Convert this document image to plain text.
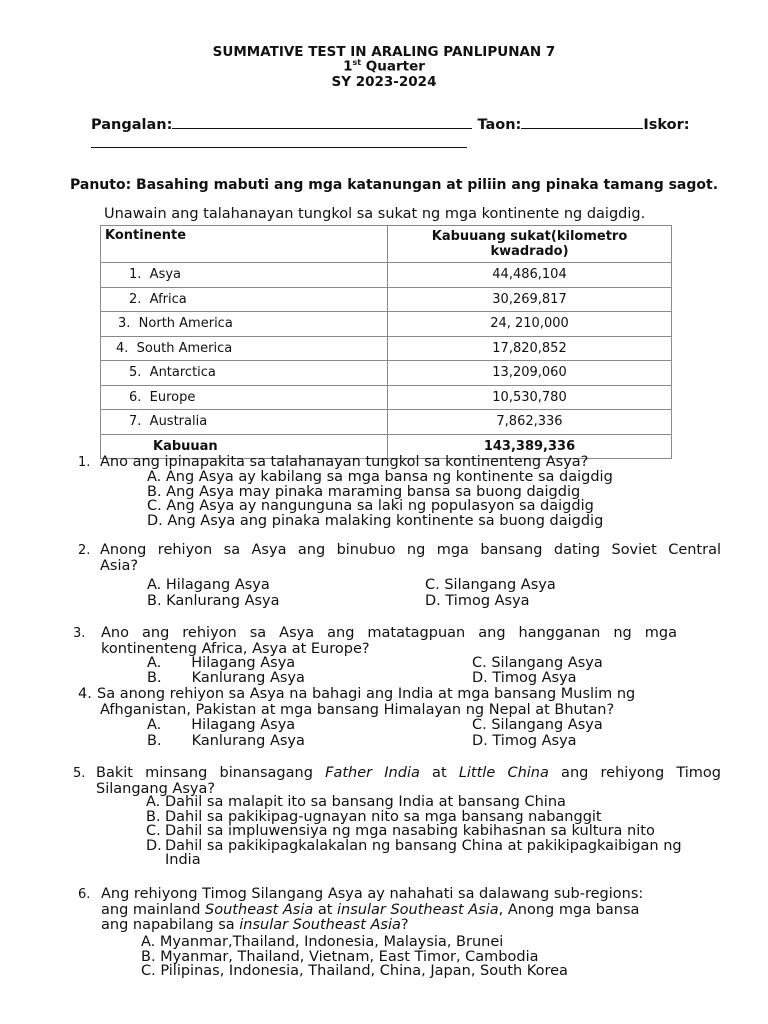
SUMMATIVE TEST IN ARALING PANLIPUNAN 7
1st Quarter
SY 2023-2024
Pangalan:	Taon:	Iskor:
Panuto: Basahing mabuti ang mga katanungan at piliin ang pinaka tamang sagot.
Unawain ang talahanayan tungkol sa sukat ng mga kontinente ng daigdig.
Kontinente	Kabuuang sukat(kilometro
kwadrado)

1. Asya	44,486,104
2. Africa	30,269,817
3. North America	24, 210,000
4. South America	17,820,852
5. Antarctica	13,209,060
6. Europe	10,530,780
7. Australia	7,862,336
Kabuuan	143,389,336
1. Ano ang ipinapakita sa talahanayan tungkol sa kontinenteng Asya?
A. Ang Asya ay kabilang sa mga bansa ng kontinente sa daigdig
B. Ang Asya may pinaka maraming bansa sa buong daigdig
C. Ang Asya ay nangunguna sa laki ng populasyon sa daigdig
D. Ang Asya ang pinaka malaking kontinente sa buong daigdig
2. Anong rehiyon sa Asya ang binubuo ng mga bansang dating Soviet Central
Asia?
A. Hilagang Asya
B. Kanlurang Asya
C. Silangang Asya
D. Timog Asya
3. Ano ang rehiyon sa Asya ang matatagpuan ang hangganan ng mga
kontinenteng Africa, Asya at Europe?
A. Hilagang Asya
B. Kanlurang Asya
C. Silangang Asya
D. Timog Asya
4. Sa anong rehiyon sa Asya na bahagi ang India at mga bansang Muslim ng
Afhganistan, Pakistan at mga bansang Himalayan ng Nepal at Bhutan?
A. Hilagang Asya
B. Kanlurang Asya
C. Silangang Asya
D. Timog Asya
5. Bakit minsang binansagang Father India at Little China ang rehiyong Timog
Silangang Asya?
A. Dahil sa malapit ito sa bansang India at bansang China
B. Dahil sa pakikipag-ugnayan nito sa mga bansang nabanggit
C. Dahil sa impluwensiya ng mga nasabing kabihasnan sa kultura nito
D. Dahil sa pakikipagkalakalan ng bansang China at pakikipagkaibigan ng
India
6. Ang rehiyong Timog Silangang Asya ay nahahati sa dalawang sub-regions:
ang mainland Southeast Asia at insular Southeast Asia, Anong mga bansa
ang napabilang sa insular Southeast Asia?
A. Myanmar,Thailand, Indonesia, Malaysia, Brunei
B. Myanmar, Thailand, Vietnam, East Timor, Cambodia
C. Pilipinas, Indonesia, Thailand, China, Japan, South Korea
